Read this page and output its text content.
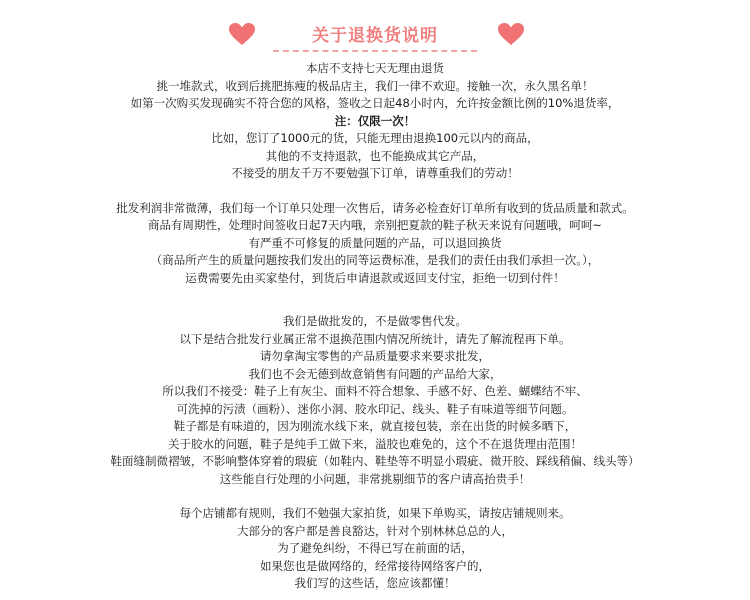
关于退换货说明
本店不支持七天无理由退货
挑一堆款式，收到后挑肥拣瘦的极品店主，我们一律不欢迎。接触一次，永久黑名单！
如第一次购买发现确实不符合您的风格，签收之日起48小时内，允许按金额比例的10%退货率，
注：仅限一次！
比如，您订了1000元的货，只能无理由退换100元以内的商品，
其他的不支持退款，也不能换成其它产品，
不接受的朋友千万不要勉强下订单，请尊重我们的劳动！
批发利润非常微薄，我们每一个订单只处理一次售后，请务必检查好订单所有收到的货品质量和款式。
商品有周期性，处理时间签收日起7天内哦，亲别把夏款的鞋子秋天来说有问题哦，呵呵~
有严重不可修复的质量问题的产品，可以退回换货
（商品所产生的质量问题按我们发出的同等运费标准，是我们的责任由我们承担一次。），
运费需要先由买家垫付，到货后申请退款或返回支付宝，拒绝一切到付件！
我们是做批发的，不是做零售代发。
以下是结合批发行业属正常不退换范围内情况所统计，请先了解流程再下单。
请勿拿淘宝零售的产品质量要求来要求批发，
我们也不会无德到故意销售有问题的产品给大家，
所以我们不接受：鞋子上有灰尘、面料不符合想象、手感不好、色差、蝴蝶结不牢、
可洗掉的污渍（画粉）、迷你小洞、胶水印记、线头、鞋子有味道等细节问题。
鞋子都是有味道的，因为刚流水线下来，就直接包装，亲在出货的时候多晒下，
关于胶水的问题，鞋子是纯手工做下来，溢胶也难免的，这个不在退货理由范围！
鞋面缝制微褶皱，不影响整体穿着的瑕疵（如鞋内、鞋垫等不明显小瑕疵、微开胶、踩线稍偏、线头等）
这些能自行处理的小问题，非常挑剔细节的客户请高抬贵手！
每个店铺都有规则，我们不勉强大家拍货，如果下单购买，请按店铺规则来。
大部分的客户都是善良豁达，针对个别林林总总的人，
为了避免纠纷，不得已写在前面的话，
如果您也是做网络的，经常接待网络客户的，
我们写的这些话，您应该都懂！
